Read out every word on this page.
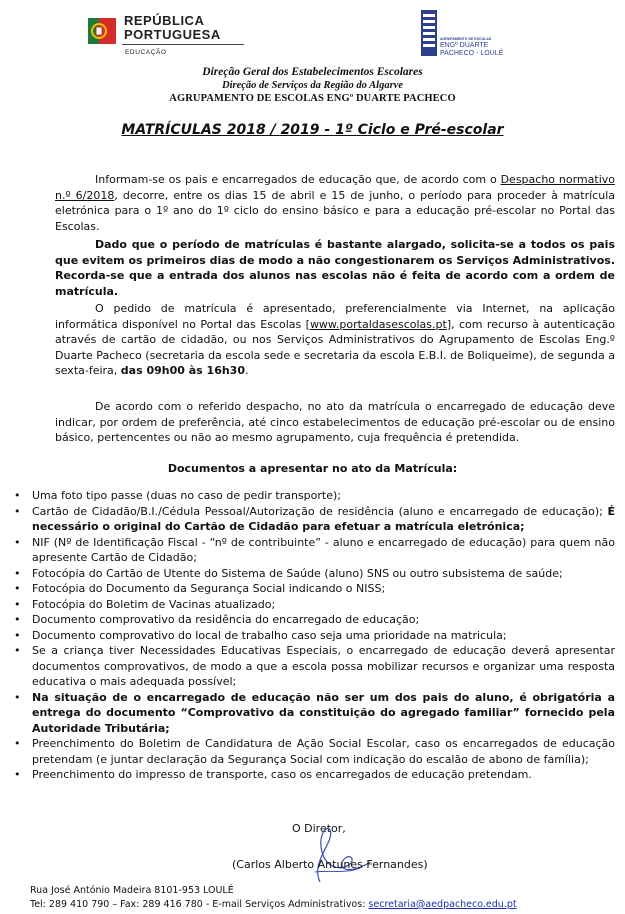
REPÚBLICA
PORTUGUESA
EDUCAÇÃO
AGRUPAMENTO DE ESCOLAS
ENGº DUARTE
PACHECO - LOULÉ
Direção Geral dos Estabelecimentos Escolares
Direção de Serviços da Região do Algarve
AGRUPAMENTO DE ESCOLAS ENGº DUARTE PACHECO
MATRÍCULAS 2018 / 2019 - 1º Ciclo e Pré-escolar

Informam-se os pais e encarregados de educação que, de acordo com o Despacho normativo n.º 6/2018, decorre, entre os dias 15 de abril e 15 de junho, o período para proceder à matrícula eletrónica para o 1º ano do 1º ciclo do ensino básico e para a educação pré-escolar no Portal das Escolas.

Dado que o período de matrículas é bastante alargado, solicita-se a todos os pais que evitem os primeiros dias de modo a não congestionarem os Serviços Administrativos. Recorda-se que a entrada dos alunos nas escolas não é feita de acordo com a ordem de matrícula.

O pedido de matrícula é apresentado, preferencialmente via Internet, na aplicação informática disponível no Portal das Escolas [www.portaldasescolas.pt], com recurso à autenticação através de cartão de cidadão, ou nos Serviços Administrativos do Agrupamento de Escolas Eng.º Duarte Pacheco (secretaria da escola sede e secretaria da escola E.B.I. de Boliqueime), de segunda a sexta-feira, das 09h00 às 16h30.

De acordo com o referido despacho, no ato da matrícula o encarregado de educação deve indicar, por ordem de preferência, até cinco estabelecimentos de educação pré-escolar ou de ensino básico, pertencentes ou não ao mesmo agrupamento, cuja frequência é pretendida.

Documentos a apresentar no ato da Matrícula:
• Uma foto tipo passe (duas no caso de pedir transporte);
• Cartão de Cidadão/B.I./Cédula Pessoal/Autorização de residência (aluno e encarregado de educação); É necessário o original do Cartão de Cidadão para efetuar a matrícula eletrónica;
• NIF (Nº de Identificação Fiscal - “nº de contribuinte” - aluno e encarregado de educação) para quem não apresente Cartão de Cidadão;
• Fotocópia do Cartão de Utente do Sistema de Saúde (aluno) SNS ou outro subsistema de saúde;
• Fotocópia do Documento da Segurança Social indicando o NISS;
• Fotocópia do Boletim de Vacinas atualizado;
• Documento comprovativo da residência do encarregado de educação;
• Documento comprovativo do local de trabalho caso seja uma prioridade na matricula;
• Se a criança tiver Necessidades Educativas Especiais, o encarregado de educação deverá apresentar documentos comprovativos, de modo a que a escola possa mobilizar recursos e organizar uma resposta educativa o mais adequada possível;
• Na situação de o encarregado de educação não ser um dos pais do aluno, é obrigatória a entrega do documento “Comprovativo da constituição do agregado familiar” fornecido pela Autoridade Tributária;
• Preenchimento do Boletim de Candidatura de Ação Social Escolar, caso os encarregados de educação pretendam (e juntar declaração da Segurança Social com indicação do escalão de abono de família);
• Preenchimento do impresso de transporte, caso os encarregados de educação pretendam.
O Diretor,
(Carlos Alberto Antunes Fernandes)
Rua José António Madeira 8101-953 LOULÉ
Tel: 289 410 790 – Fax: 289 416 780 - E-mail Serviços Administrativos: secretaria@aedpacheco.edu.pt
